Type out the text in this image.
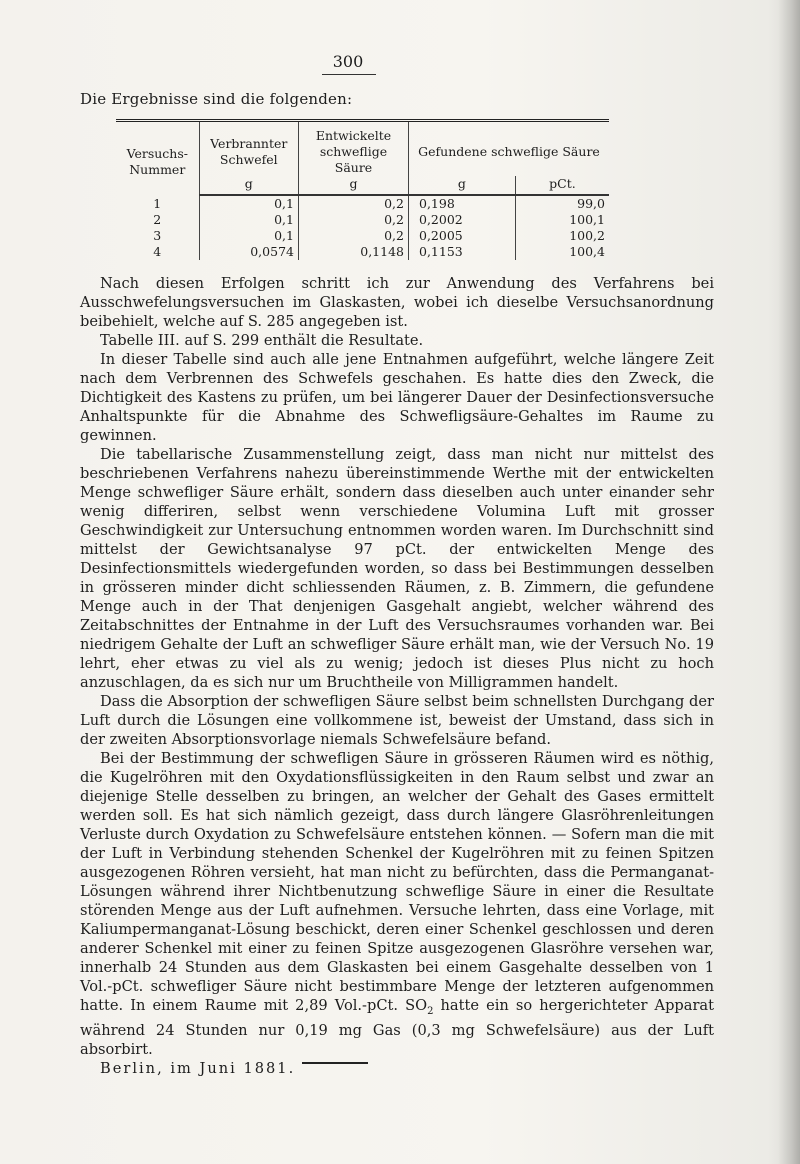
300
Die Ergebnisse sind die folgenden:
Versuchs-Nummer	Verbrannter Schwefel	Entwickelte schweflige Säure	Gefundene schweflige Säure	
	g	g	g	pCt.
1	0,1	0,2	0,198	99,0
2	0,1	0,2	0,2002	100,1
3	0,1	0,2	0,2005	100,2
4	0,0574	0,1148	0,1153	100,4

Nach diesen Erfolgen schritt ich zur Anwendung des Verfahrens bei Ausschwefelungsversuchen im Glaskasten, wobei ich dieselbe Versuchsanordnung beibehielt, welche auf S. 285 angegeben ist.

Tabelle III. auf S. 299 enthält die Resultate.

In dieser Tabelle sind auch alle jene Entnahmen aufgeführt, welche längere Zeit nach dem Verbrennen des Schwefels geschahen. Es hatte dies den Zweck, die Dichtigkeit des Kastens zu prüfen, um bei längerer Dauer der Desinfectionsversuche Anhaltspunkte für die Abnahme des Schwefligsäure-Gehaltes im Raume zu gewinnen.

Die tabellarische Zusammenstellung zeigt, dass man nicht nur mittelst des beschriebenen Verfahrens nahezu übereinstimmende Werthe mit der entwickelten Menge schwefliger Säure erhält, sondern dass dieselben auch unter einander sehr wenig differiren, selbst wenn verschiedene Volumina Luft mit grosser Geschwindigkeit zur Untersuchung entnommen worden waren. Im Durchschnitt sind mittelst der Gewichtsanalyse 97 pCt. der entwickelten Menge des Desinfectionsmittels wiedergefunden worden, so dass bei Bestimmungen desselben in grösseren minder dicht schliessenden Räumen, z. B. Zimmern, die gefundene Menge auch in der That denjenigen Gasgehalt angiebt, welcher während des Zeitabschnittes der Entnahme in der Luft des Versuchsraumes vorhanden war. Bei niedrigem Gehalte der Luft an schwefliger Säure erhält man, wie der Versuch No. 19 lehrt, eher etwas zu viel als zu wenig; jedoch ist dieses Plus nicht zu hoch anzuschlagen, da es sich nur um Bruchtheile von Milligrammen handelt.

Dass die Absorption der schwefligen Säure selbst beim schnellsten Durchgang der Luft durch die Lösungen eine vollkommene ist, beweist der Umstand, dass sich in der zweiten Absorptionsvorlage niemals Schwefelsäure befand.

Bei der Bestimmung der schwefligen Säure in grösseren Räumen wird es nöthig, die Kugelröhren mit den Oxydationsflüssigkeiten in den Raum selbst und zwar an diejenige Stelle desselben zu bringen, an welcher der Gehalt des Gases ermittelt werden soll. Es hat sich nämlich gezeigt, dass durch längere Glasröhrenleitungen Verluste durch Oxydation zu Schwefelsäure entstehen können. — Sofern man die mit der Luft in Verbindung stehenden Schenkel der Kugelröhren mit zu feinen Spitzen ausgezogenen Röhren versieht, hat man nicht zu befürchten, dass die Permanganat-Lösungen während ihrer Nichtbenutzung schweflige Säure in einer die Resultate störenden Menge aus der Luft aufnehmen. Versuche lehrten, dass eine Vorlage, mit Kaliumpermanganat-Lösung beschickt, deren einer Schenkel geschlossen und deren anderer Schenkel mit einer zu feinen Spitze ausgezogenen Glasröhre versehen war, innerhalb 24 Stunden aus dem Glaskasten bei einem Gasgehalte desselben von 1 Vol.-pCt. schwefliger Säure nicht bestimmbare Menge der letzteren aufgenommen hatte. In einem Raume mit 2,89 Vol.-pCt. $SO_2$ hatte ein so hergerichteter Apparat während 24 Stunden nur 0,19 mg Gas (0,3 mg Schwefelsäure) aus der Luft absorbirt.

Berlin, im Juni 1881.
